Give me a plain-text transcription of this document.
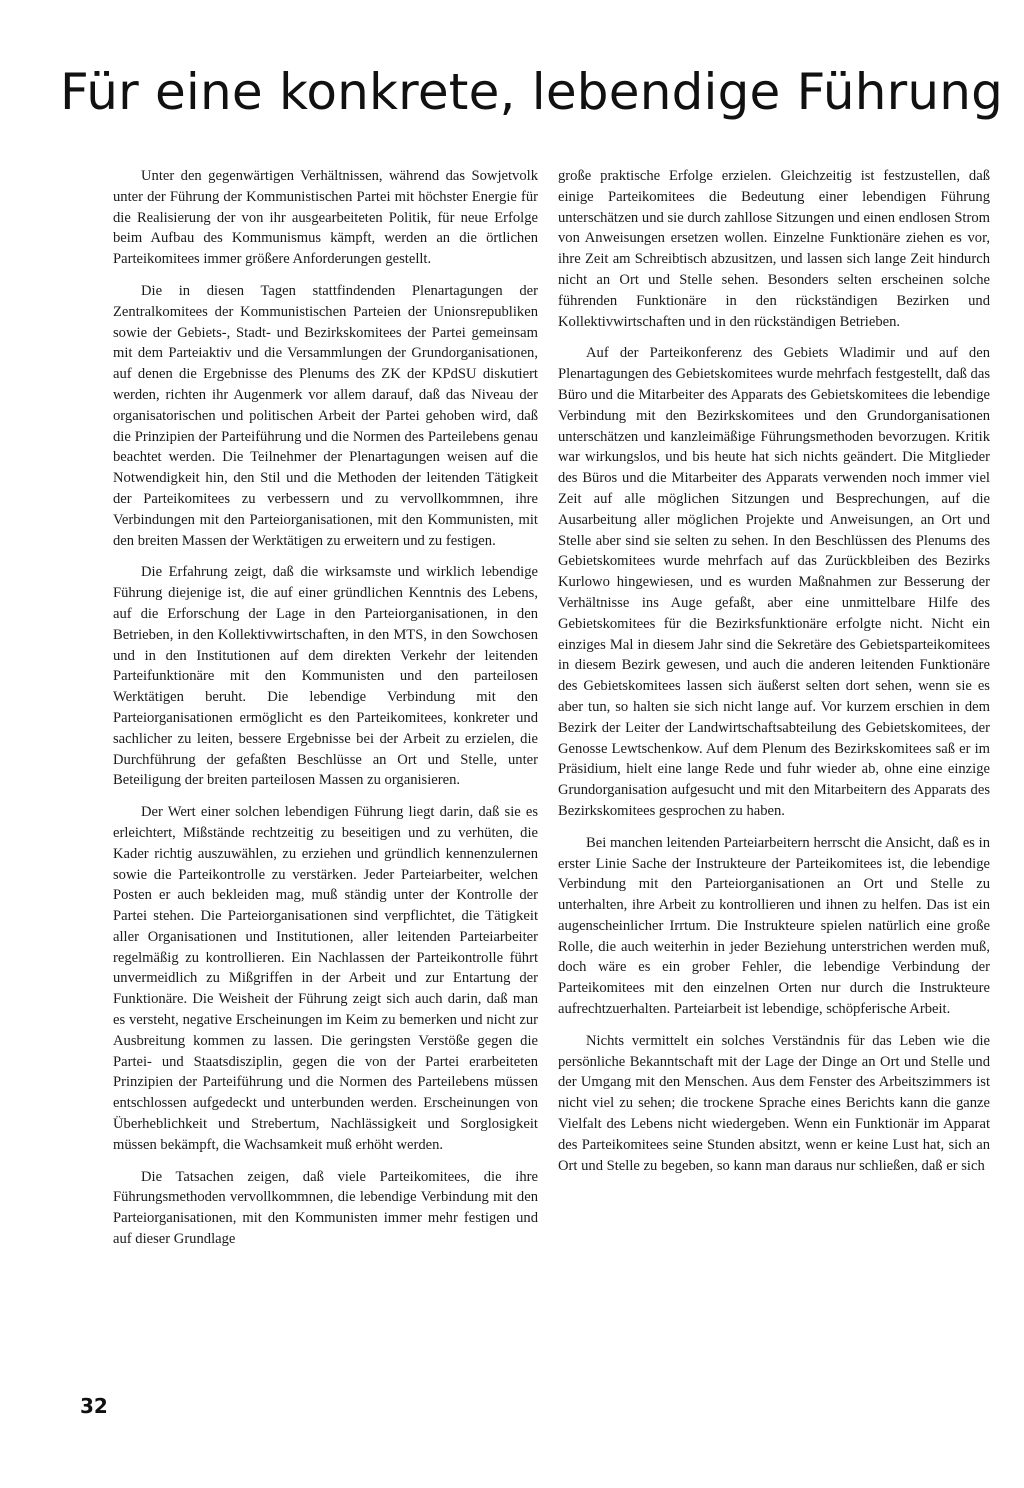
Für eine konkrete, lebendige Führung

Unter den gegenwärtigen Verhältnissen, während das Sowjetvolk unter der Führung der Kommunistischen Partei mit höchster Energie für die Realisierung der von ihr ausgearbeiteten Politik, für neue Erfolge beim Aufbau des Kommunismus kämpft, werden an die örtlichen Parteikomitees immer größere Anforderungen gestellt.

Die in diesen Tagen stattfindenden Plenartagungen der Zentralkomitees der Kommunistischen Parteien der Unionsrepubliken sowie der Gebiets-, Stadt- und Bezirkskomitees der Partei gemeinsam mit dem Parteiaktiv und die Versammlungen der Grundorganisationen, auf denen die Ergebnisse des Plenums des ZK der KPdSU diskutiert werden, richten ihr Augenmerk vor allem darauf, daß das Niveau der organisatorischen und politischen Arbeit der Partei gehoben wird, daß die Prinzipien der Parteiführung und die Normen des Parteilebens genau beachtet werden. Die Teilnehmer der Plenartagungen weisen auf die Notwendigkeit hin, den Stil und die Methoden der leitenden Tätigkeit der Parteikomitees zu verbessern und zu vervollkommnen, ihre Verbindungen mit den Parteiorganisationen, mit den Kommunisten, mit den breiten Massen der Werktätigen zu erweitern und zu festigen.

Die Erfahrung zeigt, daß die wirksamste und wirklich lebendige Führung diejenige ist, die auf einer gründlichen Kenntnis des Lebens, auf die Erforschung der Lage in den Parteiorganisationen, in den Betrieben, in den Kollektivwirtschaften, in den MTS, in den Sowchosen und in den Institutionen auf dem direkten Verkehr der leitenden Parteifunktionäre mit den Kommunisten und den parteilosen Werktätigen beruht. Die lebendige Verbindung mit den Parteiorganisationen ermöglicht es den Parteikomitees, konkreter und sachlicher zu leiten, bessere Ergebnisse bei der Arbeit zu erzielen, die Durchführung der gefaßten Beschlüsse an Ort und Stelle, unter Beteiligung der breiten parteilosen Massen zu organisieren.

Der Wert einer solchen lebendigen Führung liegt darin, daß sie es erleichtert, Mißstände rechtzeitig zu beseitigen und zu verhüten, die Kader richtig auszuwählen, zu erziehen und gründlich kennenzulernen sowie die Parteikontrolle zu verstärken. Jeder Parteiarbeiter, welchen Posten er auch bekleiden mag, muß ständig unter der Kontrolle der Partei stehen. Die Parteiorganisationen sind verpflichtet, die Tätigkeit aller Organisationen und Institutionen, aller leitenden Parteiarbeiter regelmäßig zu kontrollieren. Ein Nachlassen der Parteikontrolle führt unvermeidlich zu Mißgriffen in der Arbeit und zur Entartung der Funktionäre. Die Weisheit der Führung zeigt sich auch darin, daß man es versteht, negative Erscheinungen im Keim zu bemerken und nicht zur Ausbreitung kommen zu lassen. Die geringsten Verstöße gegen die Partei- und Staatsdisziplin, gegen die von der Partei erarbeiteten Prinzipien der Parteiführung und die Normen des Parteilebens müssen entschlossen aufgedeckt und unterbunden werden. Erscheinungen von Überheblichkeit und Strebertum, Nachlässigkeit und Sorglosigkeit müssen bekämpft, die Wachsamkeit muß erhöht werden.

Die Tatsachen zeigen, daß viele Parteikomitees, die ihre Führungsmethoden vervollkommnen, die lebendige Verbindung mit den Parteiorganisationen, mit den Kommunisten immer mehr festigen und auf dieser Grundlage

große praktische Erfolge erzielen. Gleichzeitig ist festzustellen, daß einige Parteikomitees die Bedeutung einer lebendigen Führung unterschätzen und sie durch zahllose Sitzungen und einen endlosen Strom von Anweisungen ersetzen wollen. Einzelne Funktionäre ziehen es vor, ihre Zeit am Schreibtisch abzusitzen, und lassen sich lange Zeit hindurch nicht an Ort und Stelle sehen. Besonders selten erscheinen solche führenden Funktionäre in den rückständigen Bezirken und Kollektivwirtschaften und in den rückständigen Betrieben.

Auf der Parteikonferenz des Gebiets Wladimir und auf den Plenartagungen des Gebietskomitees wurde mehrfach festgestellt, daß das Büro und die Mitarbeiter des Apparats des Gebietskomitees die lebendige Verbindung mit den Bezirkskomitees und den Grundorganisationen unterschätzen und kanzleimäßige Führungsmethoden bevorzugen. Kritik war wirkungslos, und bis heute hat sich nichts geändert. Die Mitglieder des Büros und die Mitarbeiter des Apparats verwenden noch immer viel Zeit auf alle möglichen Sitzungen und Besprechungen, auf die Ausarbeitung aller möglichen Projekte und Anweisungen, an Ort und Stelle aber sind sie selten zu sehen. In den Beschlüssen des Plenums des Gebietskomitees wurde mehrfach auf das Zurückbleiben des Bezirks Kurlowo hingewiesen, und es wurden Maßnahmen zur Besserung der Verhältnisse ins Auge gefaßt, aber eine unmittelbare Hilfe des Gebietskomitees für die Bezirksfunktionäre erfolgte nicht. Nicht ein einziges Mal in diesem Jahr sind die Sekretäre des Gebietsparteikomitees in diesem Bezirk gewesen, und auch die anderen leitenden Funktionäre des Gebietskomitees lassen sich äußerst selten dort sehen, wenn sie es aber tun, so halten sie sich nicht lange auf. Vor kurzem erschien in dem Bezirk der Leiter der Landwirtschaftsabteilung des Gebietskomitees, der Genosse Lewtschenkow. Auf dem Plenum des Bezirkskomitees saß er im Präsidium, hielt eine lange Rede und fuhr wieder ab, ohne eine einzige Grundorganisation aufgesucht und mit den Mitarbeitern des Apparats des Bezirkskomitees gesprochen zu haben.

Bei manchen leitenden Parteiarbeitern herrscht die Ansicht, daß es in erster Linie Sache der Instrukteure der Parteikomitees ist, die lebendige Verbindung mit den Parteiorganisationen an Ort und Stelle zu unterhalten, ihre Arbeit zu kontrollieren und ihnen zu helfen. Das ist ein augenscheinlicher Irrtum. Die Instrukteure spielen natürlich eine große Rolle, die auch weiterhin in jeder Beziehung unterstrichen werden muß, doch wäre es ein grober Fehler, die lebendige Verbindung der Parteikomitees mit den einzelnen Orten nur durch die Instrukteure aufrechtzuerhalten. Parteiarbeit ist lebendige, schöpferische Arbeit.

Nichts vermittelt ein solches Verständnis für das Leben wie die persönliche Bekanntschaft mit der Lage der Dinge an Ort und Stelle und der Umgang mit den Menschen. Aus dem Fenster des Arbeitszimmers ist nicht viel zu sehen; die trockene Sprache eines Berichts kann die ganze Vielfalt des Lebens nicht wiedergeben. Wenn ein Funktionär im Apparat des Parteikomitees seine Stunden absitzt, wenn er keine Lust hat, sich an Ort und Stelle zu begeben, so kann man daraus nur schließen, daß er sich

32
